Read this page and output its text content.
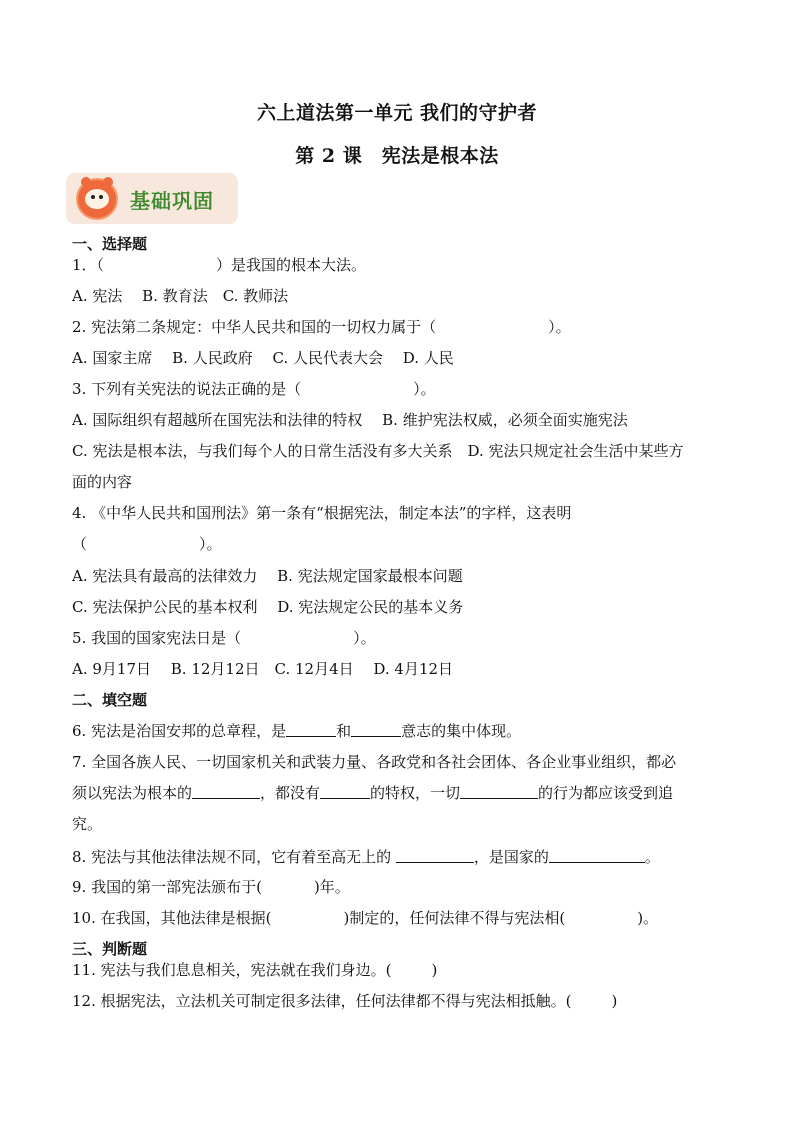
六上道法第一单元 我们的守护者
第 2 课　宪法是根本法
基础巩固
一、选择题
1．（	）是我国的根本大法。
A. 宪法　 B. 教育法　C. 教师法
2. 宪法第二条规定：中华人民共和国的一切权力属于（	）。
A. 国家主席　 B. 人民政府　 C. 人民代表大会　 D. 人民
3. 下列有关宪法的说法正确的是（	）。
A. 国际组织有超越所在国宪法和法律的特权　 B. 维护宪法权威，必须全面实施宪法
C. 宪法是根本法，与我们每个人的日常生活没有多大关系　D. 宪法只规定社会生活中某些方
面的内容
4. 《中华人民共和国刑法》第一条有“根据宪法，制定本法”的字样，这表明
（	）。
A. 宪法具有最高的法律效力　 B. 宪法规定国家最根本问题
C. 宪法保护公民的基本权利　 D. 宪法规定公民的基本义务
5. 我国的国家宪法日是（	）。
A. 9月17日　 B. 12月12日　C. 12月4日　 D. 4月12日
二、填空题
6. 宪法是治国安邦的总章程，是	和	意志的集中体现。
7. 全国各族人民、一切国家机关和武装力量、各政党和各社会团体、各企业事业组织，都必
须以宪法为根本的	，都没有	的特权，一切	的行为都应该受到追
究。
8. 宪法与其他法律法规不同，它有着至高无上的	，是国家的	。
9. 我国的第一部宪法颁布于(	)年。
10. 在我国，其他法律是根据(	)制定的，任何法律不得与宪法相(	)。
三、判断题
11. 宪法与我们息息相关，宪法就在我们身边。(	)
12. 根据宪法，立法机关可制定很多法律，任何法律都不得与宪法相抵触。(	)
